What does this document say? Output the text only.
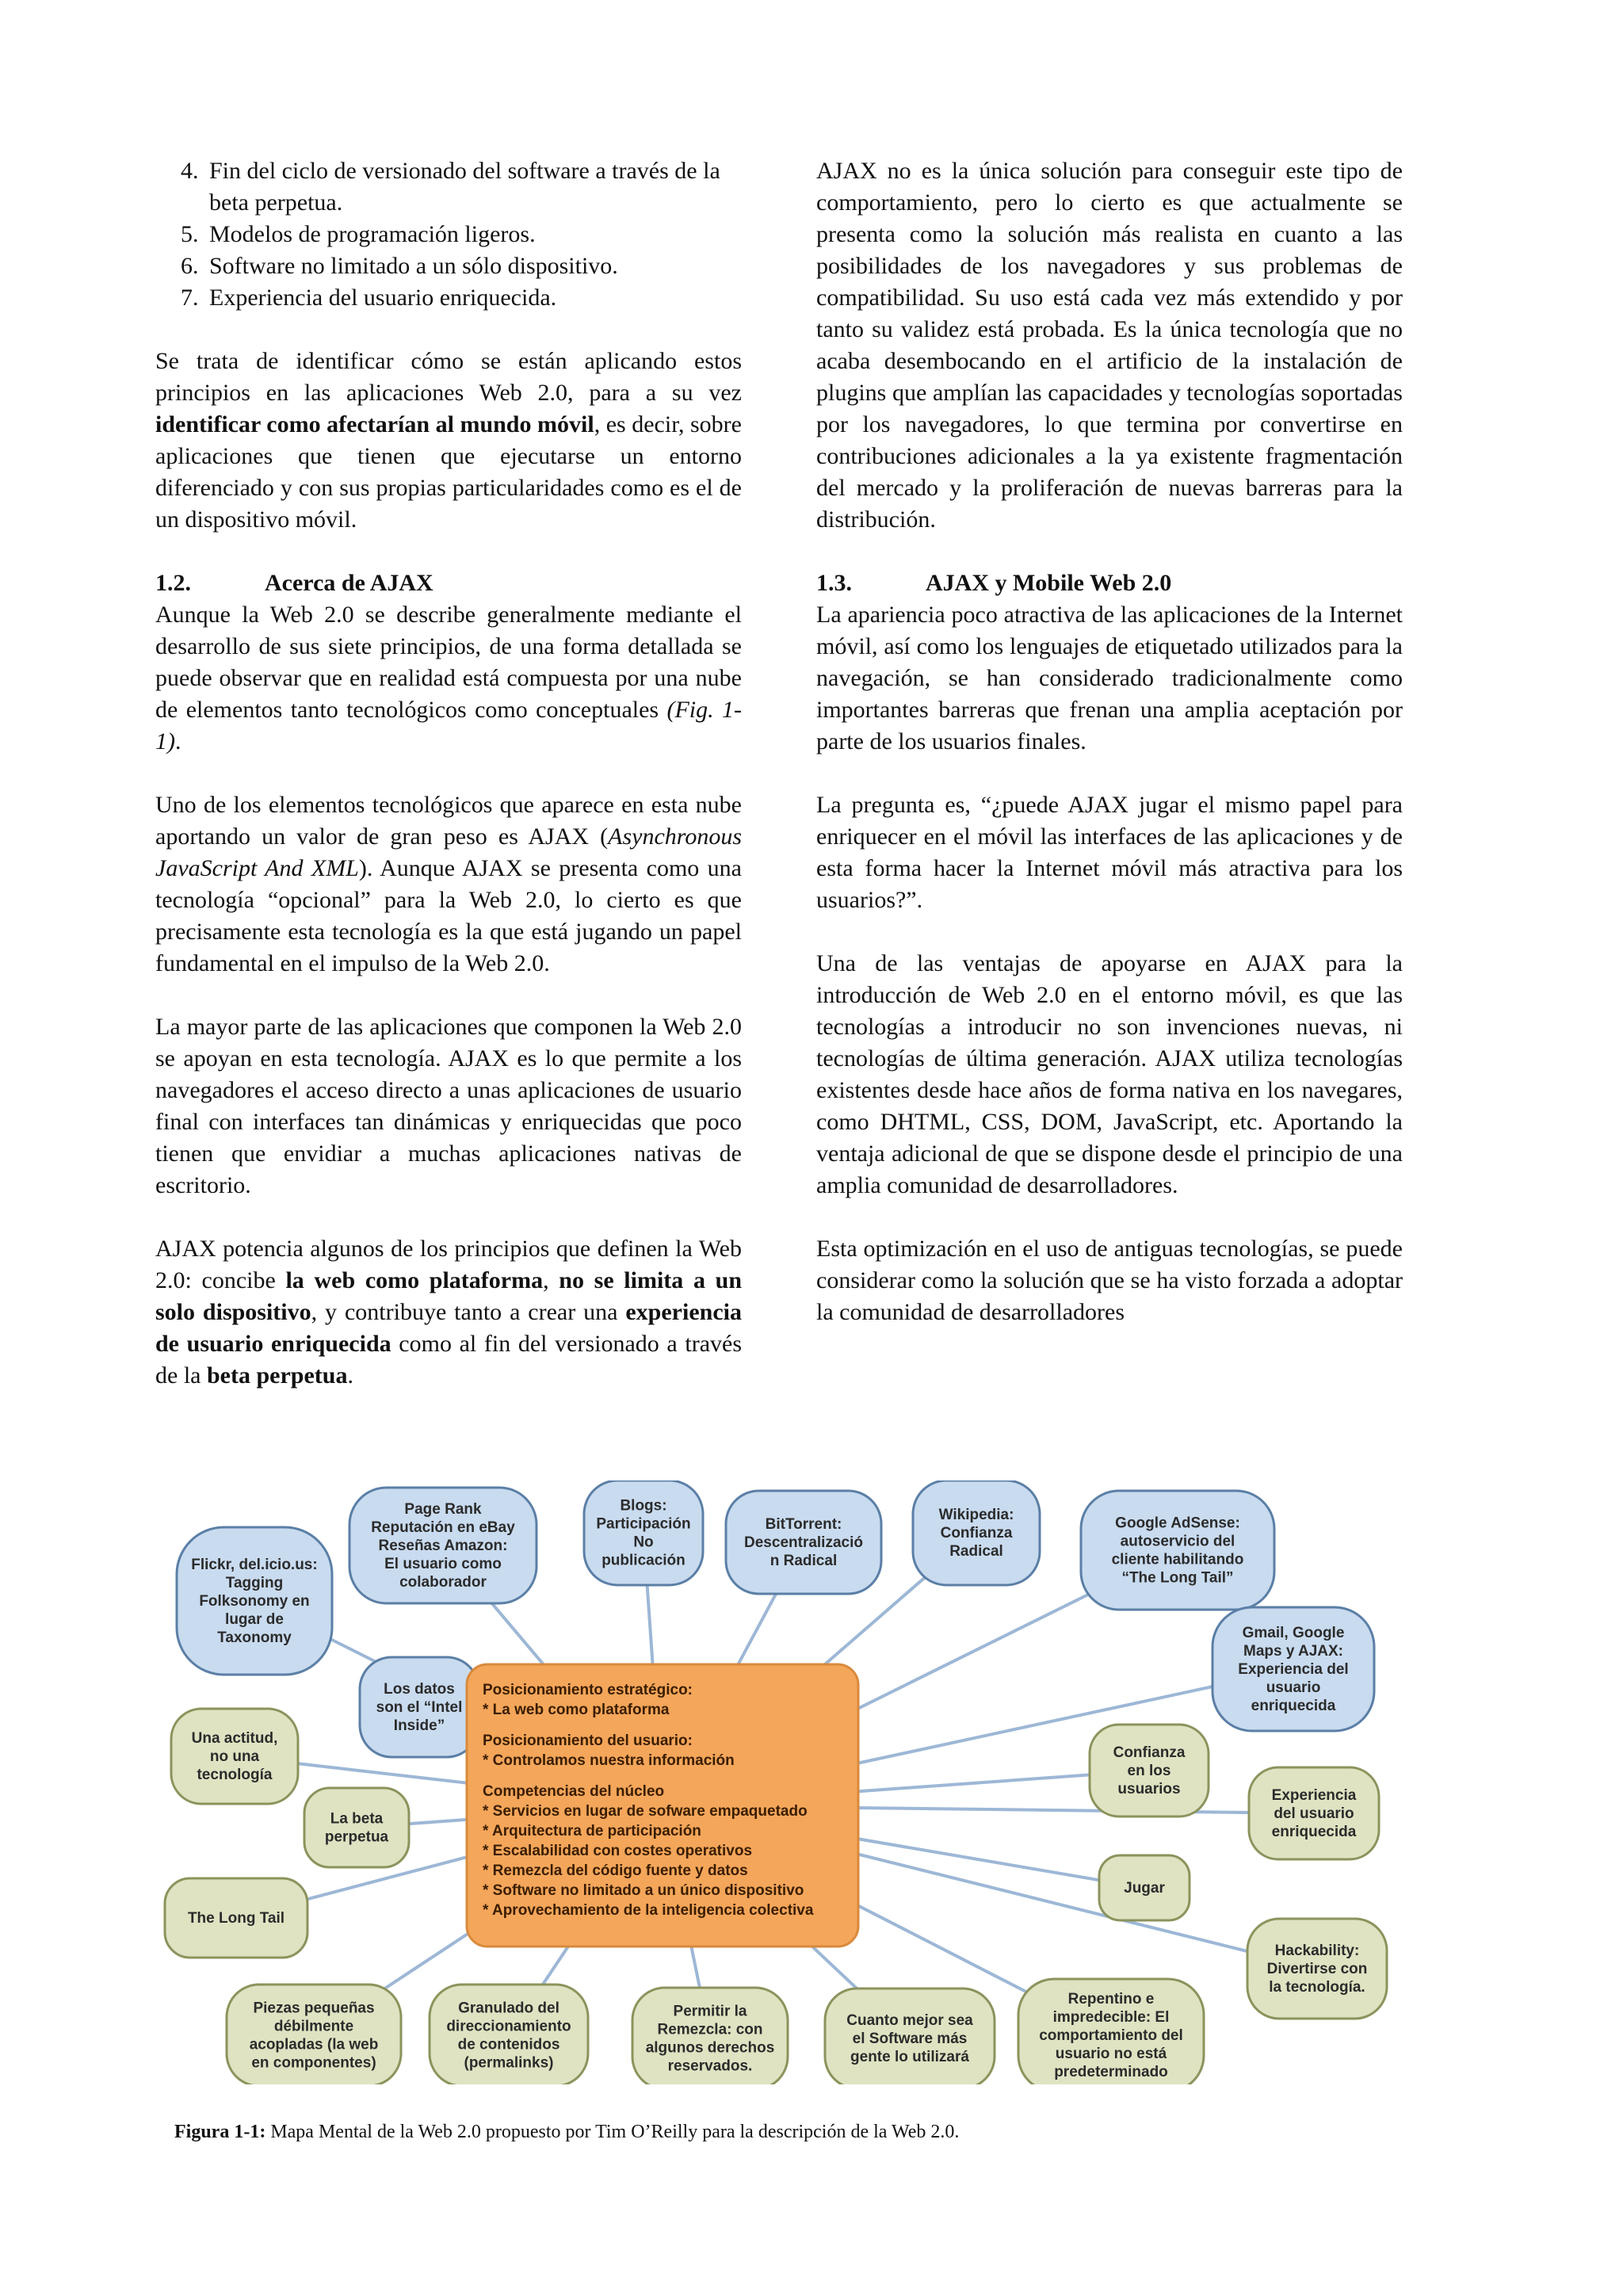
4. Fin del ciclo de versionado del software a través de la beta perpetua.
5. Modelos de programación ligeros.
6. Software no limitado a un sólo dispositivo.
7. Experiencia del usuario enriquecida.

Se trata de identificar cómo se están aplicando estos principios en las aplicaciones Web 2.0, para a su vez identificar como afectarían al mundo móvil, es decir, sobre aplicaciones que tienen que ejecutarse un entorno diferenciado y con sus propias particularidades como es el de un dispositivo móvil.

1.2.	Acerca de AJAX

Aunque la Web 2.0 se describe generalmente mediante el desarrollo de sus siete principios, de una forma detallada se puede observar que en realidad está compuesta por una nube de elementos tanto tecnológicos como conceptuales (Fig. 1-1).

Uno de los elementos tecnológicos que aparece en esta nube aportando un valor de gran peso es AJAX (Asynchronous JavaScript And XML). Aunque AJAX se presenta como una tecnología “opcional” para la Web 2.0, lo cierto es que precisamente esta tecnología es la que está jugando un papel fundamental en el impulso de la Web 2.0.

La mayor parte de las aplicaciones que componen la Web 2.0 se apoyan en esta tecnología. AJAX es lo que permite a los navegadores el acceso directo a unas aplicaciones de usuario final con interfaces tan dinámicas y enriquecidas que poco tienen que envidiar a muchas aplicaciones nativas de escritorio.

AJAX potencia algunos de los principios que definen la Web 2.0: concibe la web como plataforma, no se limita a un solo dispositivo, y contribuye tanto a crear una experiencia de usuario enriquecida como al fin del versionado a través de la beta perpetua.

AJAX no es la única solución para conseguir este tipo de comportamiento, pero lo cierto es que actualmente se presenta como la solución más realista en cuanto a las posibilidades de los navegadores y sus problemas de compatibilidad. Su uso está cada vez más extendido y por tanto su validez está probada. Es la única tecnología que no acaba desembocando en el artificio de la instalación de plugins que amplían las capacidades y tecnologías soportadas por los navegadores, lo que termina por convertirse en contribuciones adicionales a la ya existente fragmentación del mercado y la proliferación de nuevas barreras para la distribución.

1.3.	AJAX y Mobile Web 2.0

La apariencia poco atractiva de las aplicaciones de la Internet móvil, así como los lenguajes de etiquetado utilizados para la navegación, se han considerado tradicionalmente como importantes barreras que frenan una amplia aceptación por parte de los usuarios finales.

La pregunta es, “¿puede AJAX jugar el mismo papel para enriquecer en el móvil las interfaces de las aplicaciones y de esta forma hacer la Internet móvil más atractiva para los usuarios?”.

Una de las ventajas de apoyarse en AJAX para la introducción de Web 2.0 en el entorno móvil, es que las tecnologías a introducir no son invenciones nuevas, ni tecnologías de última generación. AJAX utiliza tecnologías existentes desde hace años de forma nativa en los navegares, como DHTML, CSS, DOM, JavaScript, etc. Aportando la ventaja adicional de que se dispone desde el principio de una amplia comunidad de desarrolladores.

Esta optimización en el uso de antiguas tecnologías, se puede considerar como la solución que se ha visto forzada a adoptar la comunidad de desarrolladores

Flickr, del.icio.us:
Tagging
Folksonomy en
lugar de
Taxonomy
Page Rank
Reputación en eBay
Reseñas Amazon:
El usuario como
colaborador
Blogs:
Participación
No
publicación
BitTorrent:
Descentralizació
n Radical
Wikipedia:
Confianza
Radical
Google AdSense:
autoservicio del
cliente habilitando
“The Long Tail”
Gmail, Google
Maps y AJAX:
Experiencia del
usuario
enriquecida
Los datos
son el “Intel
Inside”
Una actitud,
no una
tecnología
La beta
perpetua
The Long Tail
Confianza
en los
usuarios	Experiencia
del usuario
enriquecida
Jugar
Hackability:
Divertirse con
la tecnología.
Piezas pequeñas
débilmente
acopladas (la web
en componentes)
Granulado del
direccionamiento
de contenidos
(permalinks)
Permitir la
Remezcla: con
algunos derechos
reservados.
Cuanto mejor sea
el Software más
gente lo utilizará
Repentino e
impredecible: El
comportamiento del
usuario no está
predeterminado
Posicionamiento estratégico:
* La web como plataforma
Posicionamiento del usuario:
* Controlamos nuestra información
Competencias del núcleo
* Servicios en lugar de sofware empaquetado
* Arquitectura de participación
* Escalabilidad con costes operativos
* Remezcla del código fuente y datos
* Software no limitado a un único dispositivo
* Aprovechamiento de la inteligencia colectiva
Figura 1-1: Mapa Mental de la Web 2.0 propuesto por Tim O’Reilly para la descripción de la Web 2.0.
